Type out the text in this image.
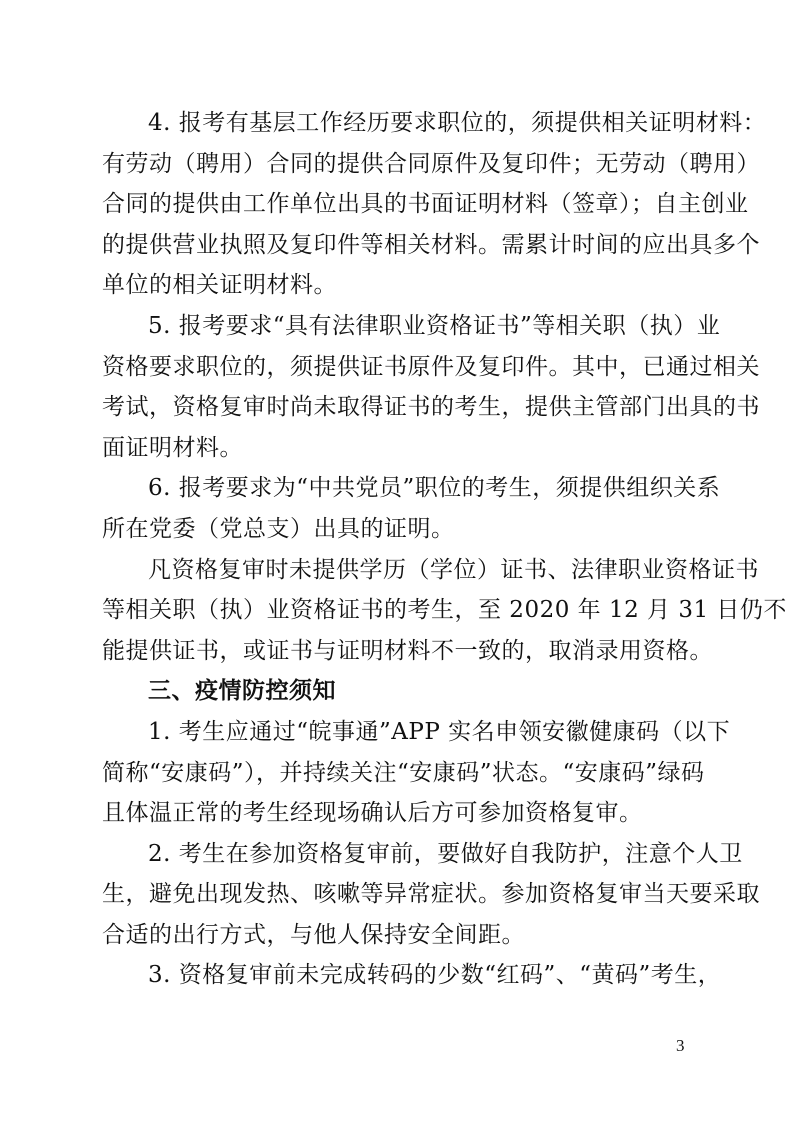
4. 报考有基层工作经历要求职位的，须提供相关证明材料：
有劳动（聘用）合同的提供合同原件及复印件；无劳动（聘用）
合同的提供由工作单位出具的书面证明材料（签章）；自主创业
的提供营业执照及复印件等相关材料。需累计时间的应出具多个
单位的相关证明材料。

5. 报考要求“具有法律职业资格证书”等相关职（执）业
资格要求职位的，须提供证书原件及复印件。其中，已通过相关
考试，资格复审时尚未取得证书的考生，提供主管部门出具的书
面证明材料。

6. 报考要求为“中共党员”职位的考生，须提供组织关系
所在党委（党总支）出具的证明。

凡资格复审时未提供学历（学位）证书、法律职业资格证书
等相关职（执）业资格证书的考生，至 2020 年 12 月 31 日仍不
能提供证书，或证书与证明材料不一致的，取消录用资格。

三、疫情防控须知

1. 考生应通过“皖事通”APP 实名申领安徽健康码（以下
简称“安康码”），并持续关注“安康码”状态。“安康码”绿码
且体温正常的考生经现场确认后方可参加资格复审。

2. 考生在参加资格复审前，要做好自我防护，注意个人卫
生，避免出现发热、咳嗽等异常症状。参加资格复审当天要采取
合适的出行方式，与他人保持安全间距。

3. 资格复审前未完成转码的少数“红码”、“黄码”考生，

3
